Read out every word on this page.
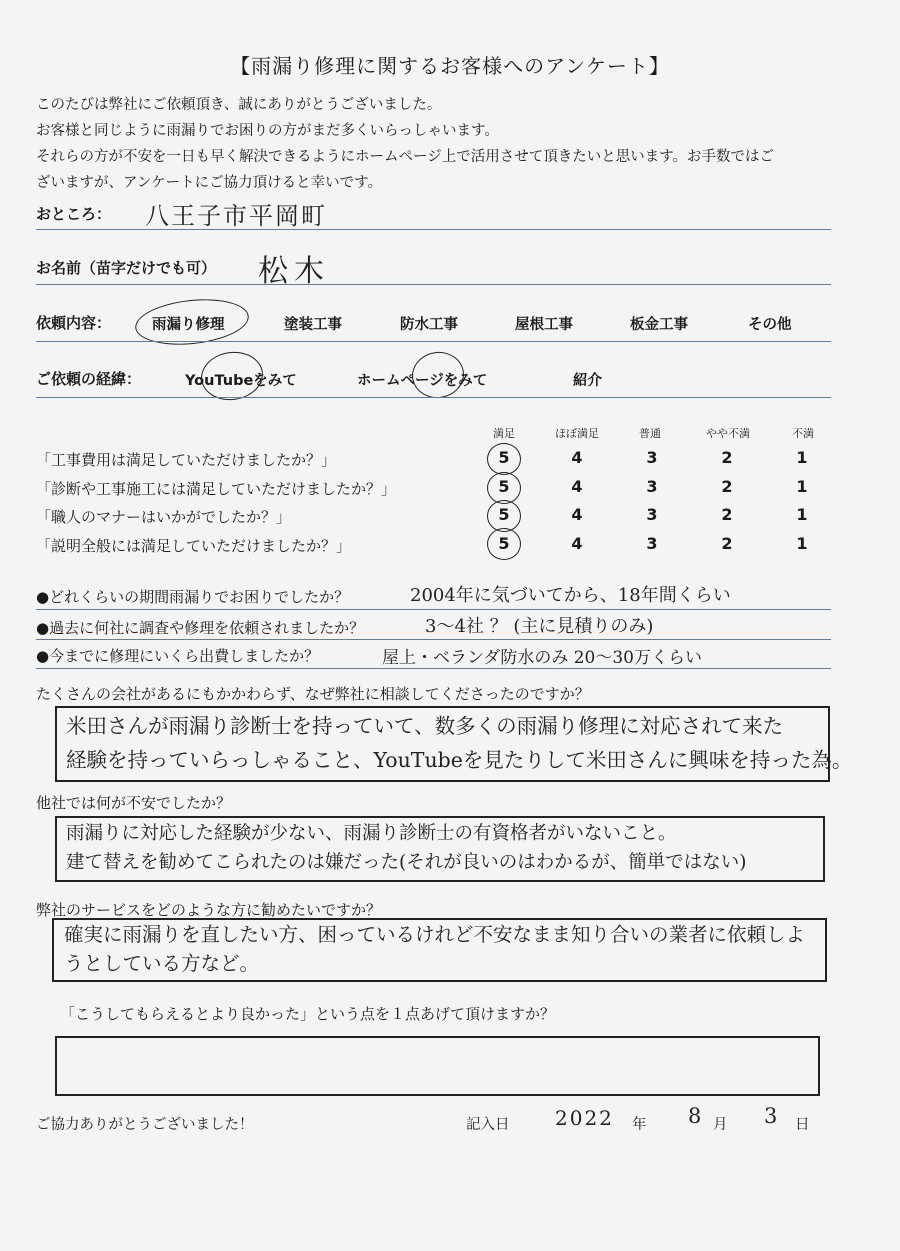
【雨漏り修理に関するお客様へのアンケート】
このたびは弊社にご依頼頂き、誠にありがとうございました。
お客様と同じように雨漏りでお困りの方がまだ多くいらっしゃいます。
それらの方が不安を一日も早く解決できるようにホームページ上で活用させて頂きたいと思います。お手数ではご
ざいますが、アンケートにご協力頂けると幸いです。
おところ： 八王子市平岡町
お名前（苗字だけでも可） 松木
依頼内容：	雨漏り修理	塗装工事	防水工事	屋根工事	板金工事	その他
ご依頼の経緯：	YouTubeをみて	ホームページをみて	紹介
満足	ほぼ満足	普通	やや不満	不満
「工事費用は満足していただけましたか？」	5	4	3	2	1
「診断や工事施工には満足していただけましたか？」	5	4	3	2	1
「職人のマナーはいかがでしたか？」	5	4	3	2	1
「説明全般には満足していただけましたか？」	5	4	3	2	1
●どれくらいの期間雨漏りでお困りでしたか？	2004年に気づいてから、18年間くらい
●過去に何社に調査や修理を依頼されましたか？	3～4社 ？ (主に見積りのみ)
●今までに修理にいくら出費しましたか？	屋上・ベランダ防水のみ 20～30万くらい
たくさんの会社があるにもかかわらず、なぜ弊社に相談してくださったのですか？
米田さんが雨漏り診断士を持っていて、数多くの雨漏り修理に対応されて来た
経験を持っていらっしゃること、YouTubeを見たりして米田さんに興味を持った為。
他社では何が不安でしたか？
雨漏りに対応した経験が少ない、雨漏り診断士の有資格者がいないこと。
建て替えを勧めてこられたのは嫌だった(それが良いのはわかるが、簡単ではない)
弊社のサービスをどのような方に勧めたいですか？
確実に雨漏りを直したい方、困っているけれど不安なまま知り合いの業者に依頼しよ
うとしている方など。
「こうしてもらえるとより良かった」という点を１点あげて頂けますか？
ご協力ありがとうございました！	記入日 2022 年 8 月 3 日
